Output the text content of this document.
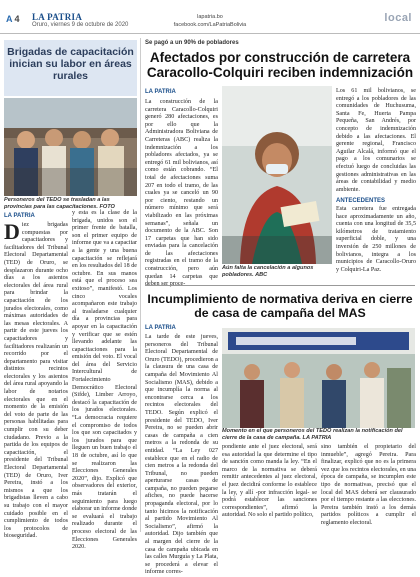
A 4 LA PATRIA
Oruro, viernes 9 de octubre de 2020
lapatria.bo
facebook.com/LaPatriaBolivia
local
Brigadas de capacitación inician su labor en áreas rurales
Personeros del TEDO se trasladan a las provincias para las capacitaciones. FOTO
LA PATRIA
Diez brigadas compuestas por capacitadores y facilitadores del Tribunal Electoral Departamental (TED) de Oruro, se desplazaron durante ocho días a los asientos electorales del área rural para brindar la capacitación de los jurados electorales, como máximas autoridades de las mesas electorales. A partir de este jueves los capacitadores y facilitadores realizarán un recorrido por el departamento para visitar distintos recintos electorales y los asientos del área rural apoyando la labor de notarios electorales que en el momento de la emisión del voto de parte de las personas habilitadas para cumplir con su deber ciudadano. Previo a la partida de los equipos de capacitación, el presidente del Tribunal Electoral Departamental (TED) de Oruro, Iver Pereira, instó a los mismos a que los brigadistas lleven a cabo su trabajo con el mayor cuidado posible en el cumplimiento de todos los protocolos de bioseguridad.
y esta es la clase de la brigada, unidos son el primer frente de batalla, son el primer equipo de informe que va a capacitar a la gente y una buena capacitación se reflejará en los resultados del 18 de octubre. En sus manos está que el proceso sea exitoso”, manifestó. Los cinco vocales acompañaron este trabajo al trasladarse cualquier día a provincias para apoyar en la capacitación y verificar que se estén llevando adelante las capacitaciones para la emisión del voto. El vocal del área del Servicio Intercultural de Fortalecimiento Democrático Electoral (Sifde), Limber Arroyo, destacó la capacitación de los jurados electorales. “La democracia requiere el compromiso de todos los que son capacitados y los jurados para que lleguen un buen trabajo el 18 de octubre, así lo que se realizaron las Elecciones Generales 2020”, dijo. Explicó que observadores del exterior, más tratarán el seguimiento para luego elaborar un informe donde se evaluará el trabajo realizado durante el proceso electoral de las Elecciones Generales 2020.
Se pagó a un 90% de pobladores
Afectados por construcción de carretera Caracollo-Colquiri reciben indemnización
LA PATRIA
La construcción de la carretera Caracollo-Colquiri generó 280 afectaciones, es por ello que la Administradora Boliviana de Carreteras (ABC) realiza la indemnización a los pobladores afectados, ya se entregó 61 mil bolivianos, así como están cobrando. “El total de afectaciones suma 207 en todo el tramo, de las cuales ya se canceló un 90 por ciento, restando un número mínimo que será viabilizado en las próximas semanas”, señala un documento de la ABC. Son 17 carpetas que han sido enviadas para la cancelación de las afectaciones registradas en el tramo de la construcción, pero aún quedan 14 carpetas que deben ser proce-
Aún falta la cancelación a algunos pobladores. ABC
Los 61 mil bolivianos, se entregó a los pobladores de las comunidades de Huchusuma, Santa Fe, Huerta Pampa Pequeña, San Andrés, por concepto de indemnización debido a las afectaciones. El gerente regional, Francisco Aguilar Alcalá, informó que el pago a los comunarios se efectuó luego de concluidas las gestiones administrativas en las áreas de contabilidad y medio ambiente.
ANTECEDENTES
Esta carretera fue entregada hace aproximadamente un año, cuenta con una longitud de 35,5 kilómetros de tratamiento superficial doble, y una inversión de 250 millones de bolivianos, integra a los municipios de Caracollo-Oruro y Colquiri-La Paz.
Incumplimiento de normativa deriva en cierre de casa de campaña del MAS
LA PATRIA
La tarde de este jueves, personeros del Tribunal Electoral Departamental de Oruro (TEDO), procedieron a la clausura de una casa de campaña del Movimiento Al Socialismo (MAS), debido a que incumplía la norma al encontrarse cerca a los recintos electorales del TEDO. Según explicó el presidente del TEDO, Iver Pereira, no se pueden abrir casas de campaña a cien metros a la redonda de su entidad. “La Ley 027 establece que en el radio de cien metros a la redonda del Tribunal, no pueden aperturarse casas de campaña, no pueden pegarse afiches, no puede hacerse propaganda electoral, por lo tanto hicimos la notificación al partido Movimiento Al Socialismo”, afirmó la autoridad. Dijo también que al margen del cierre de la casa de campaña ubicada en las calles Murguía y La Plata, se procederá a elevar el informe corres-
Momento en el que personeros del TEDO realizan la notificación del cierre de la casa de campaña. LA PATRIA
pondiente ante el juez electoral, será esa autoridad la que determine el tipo de sanción como manda la ley. “En el marco de la normativa se deberá remitir antecedentes al juez electoral, el juez decidirá conforme lo establece la ley, y allí -por infracción legal- se podrá establecer las sanciones correspondientes”, afirmó la autoridad. No solo el partido político,
sino también el propietario del inmueble”, agregó Pereira. Para finalizar, explicó que no es la primera vez que los recintos electorales, en una época de campaña, se incumplen este tipo de normativas, precisó que el local del MAS deberá ser clausurado por el tiempo restante a las elecciones. Pereira también instó a los demás partidos políticos a cumplir el reglamento electoral.
